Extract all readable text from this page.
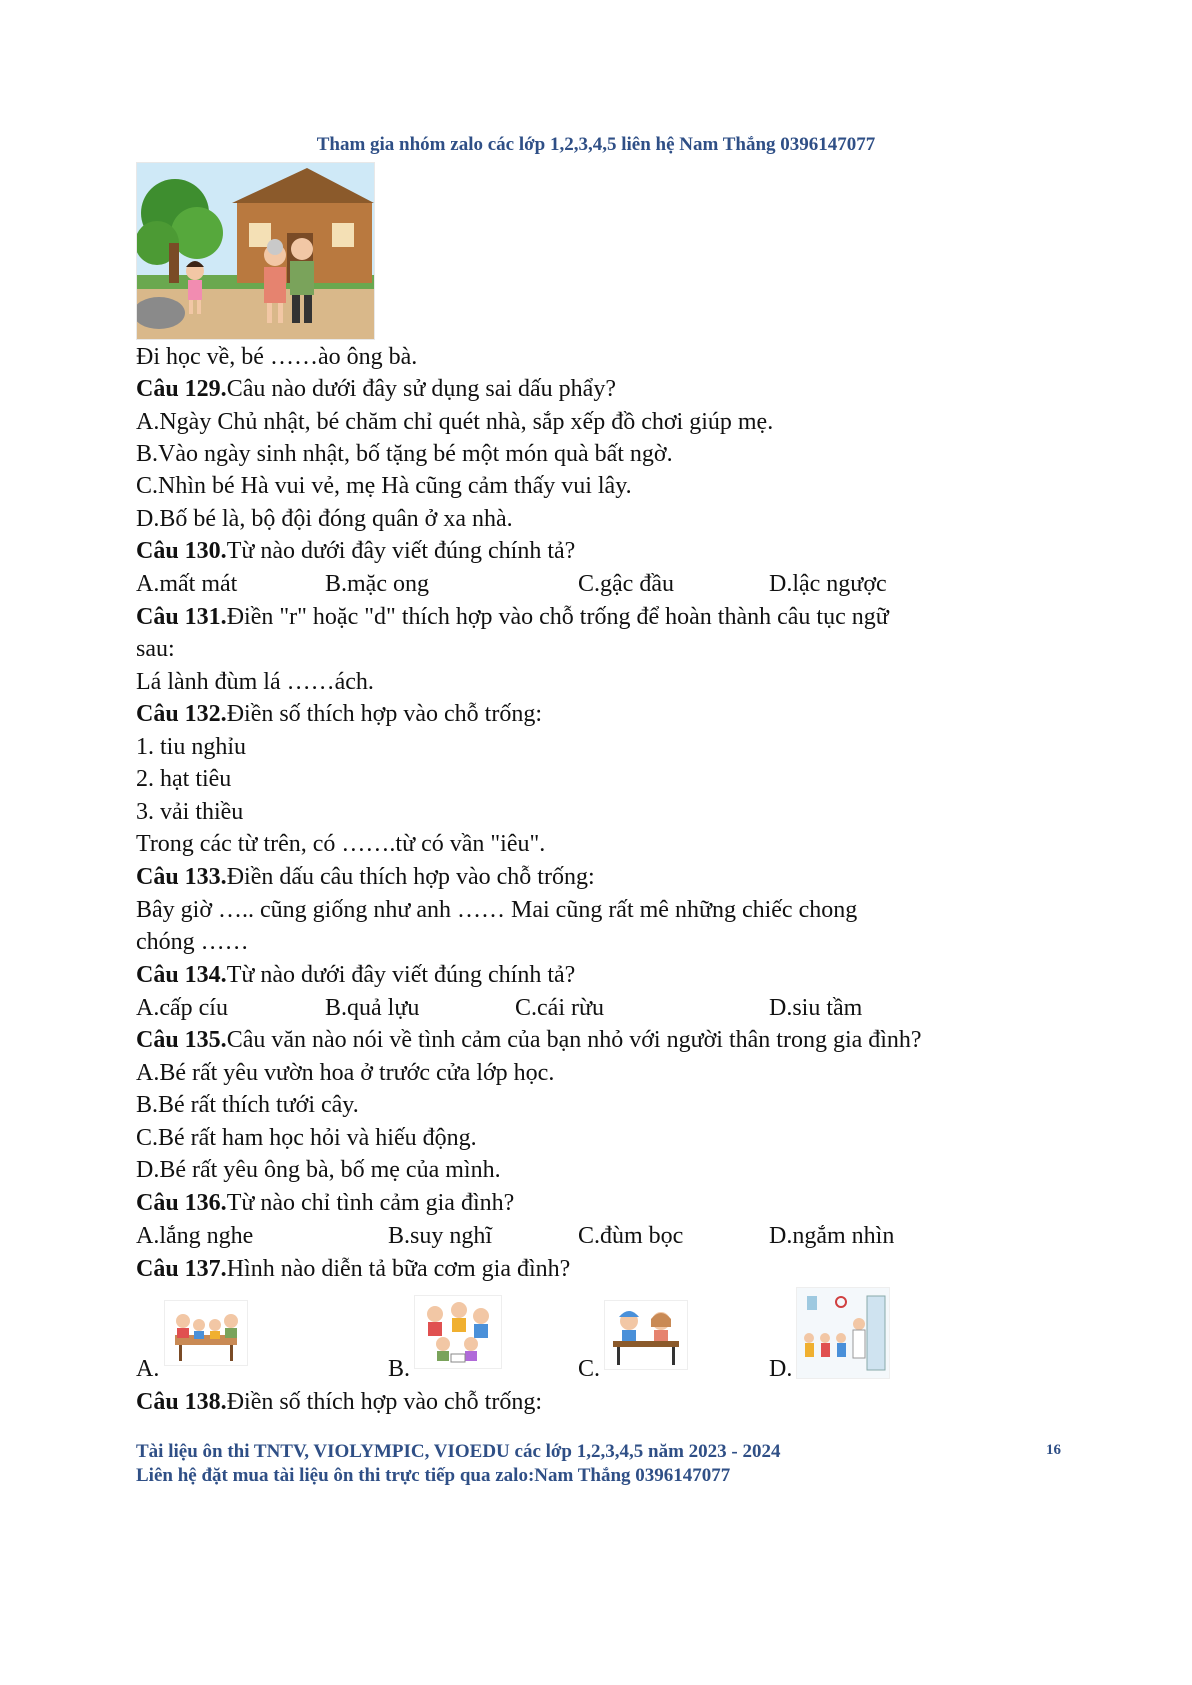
Tham gia nhóm zalo các lớp 1,2,3,4,5 liên hệ Nam Thắng 0396147077
Đi học về, bé ……ào ông bà.
Câu 129.Câu nào dưới đây sử dụng sai dấu phẩy?
A.Ngày Chủ nhật, bé chăm chỉ quét nhà, sắp xếp đồ chơi giúp mẹ.
B.Vào ngày sinh nhật, bố tặng bé một món quà bất ngờ.
C.Nhìn bé Hà vui vẻ, mẹ Hà cũng cảm thấy vui lây.
D.Bố bé là, bộ đội đóng quân ở xa nhà.
Câu 130.Từ nào dưới đây viết đúng chính tả?
A.mất mát	B.mặc ong	C.gậc đầu	D.lậc ngược
Câu 131.Điền "r" hoặc "d" thích hợp vào chỗ trống để hoàn thành câu tục ngữ
sau:
Lá lành đùm lá ……ách.
Câu 132.Điền số thích hợp vào chỗ trống:
1. tiu nghỉu
2. hạt tiêu
3. vải thiều
Trong các từ trên, có …….từ có vần "iêu".
Câu 133.Điền dấu câu thích hợp vào chỗ trống:
Bây giờ ….. cũng giống như anh …… Mai cũng rất mê những chiếc chong
chóng ……
Câu 134.Từ nào dưới đây viết đúng chính tả?
A.cấp cíu	B.quả lựu	C.cái rừu	D.siu tầm
Câu 135.Câu văn nào nói về tình cảm của bạn nhỏ với người thân trong gia đình?
A.Bé rất yêu vườn hoa ở trước cửa lớp học.
B.Bé rất thích tưới cây.
C.Bé rất ham học hỏi và hiếu động.
D.Bé rất yêu ông bà, bố mẹ của mình.
Câu 136.Từ nào chỉ tình cảm gia đình?
A.lắng nghe	B.suy nghĩ	C.đùm bọc	D.ngắm nhìn
Câu 137.Hình nào diễn tả bữa cơm gia đình?
A.	B.	C.	D.
Câu 138.Điền số thích hợp vào chỗ trống:
Tài liệu ôn thi TNTV, VIOLYMPIC, VIOEDU các lớp 1,2,3,4,5 năm 2023 - 2024
Liên hệ đặt mua tài liệu ôn thi trực tiếp qua zalo:Nam Thắng 0396147077
16
